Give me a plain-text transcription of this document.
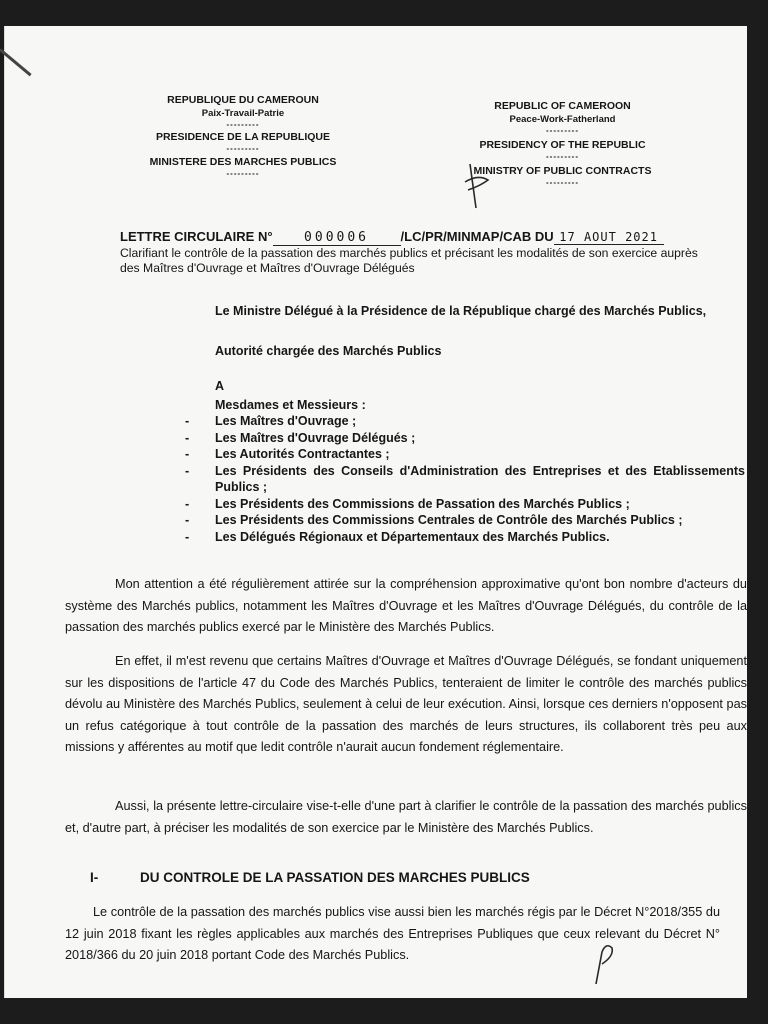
REPUBLIQUE DU CAMEROUN
Paix-Travail-Patrie
---------
PRESIDENCE DE LA REPUBLIQUE
---------
MINISTERE DES MARCHES PUBLICS
---------
REPUBLIC OF CAMEROON
Peace-Work-Fatherland
---------
PRESIDENCY OF THE REPUBLIC
---------
MINISTRY OF PUBLIC CONTRACTS
---------
LETTRE CIRCULAIRE N° 000006 /LC/PR/MINMAP/CAB DU 17 AOUT 2021
Clarifiant le contrôle de la passation des marchés publics et précisant les modalités de son exercice auprès des Maîtres d'Ouvrage et Maîtres d'Ouvrage Délégués
Le Ministre Délégué à la Présidence de la République chargé des Marchés Publics,
Autorité chargée des Marchés Publics
A
Mesdames et Messieurs :
- Les Maîtres d'Ouvrage ;
- Les Maîtres d'Ouvrage Délégués ;
- Les Autorités Contractantes ;
- Les Présidents des Conseils d'Administration des Entreprises et des Etablissements Publics ;
- Les Présidents des Commissions de Passation des Marchés Publics ;
- Les Présidents des Commissions Centrales de Contrôle des Marchés Publics ;
- Les Délégués Régionaux et Départementaux des Marchés Publics.

Mon attention a été régulièrement attirée sur la compréhension approximative qu'ont bon nombre d'acteurs du système des Marchés publics, notamment les Maîtres d'Ouvrage et les Maîtres d'Ouvrage Délégués, du contrôle de la passation des marchés publics exercé par le Ministère des Marchés Publics.

En effet, il m'est revenu que certains Maîtres d'Ouvrage et Maîtres d'Ouvrage Délégués, se fondant uniquement sur les dispositions de l'article 47 du Code des Marchés Publics, tenteraient de limiter le contrôle des marchés publics dévolu au Ministère des Marchés Publics, seulement à celui de leur exécution. Ainsi, lorsque ces derniers n'opposent pas un refus catégorique à tout contrôle de la passation des marchés de leurs structures, ils collaborent très peu aux missions y afférentes au motif que ledit contrôle n'aurait aucun fondement réglementaire.

Aussi, la présente lettre-circulaire vise-t-elle d'une part à clarifier le contrôle de la passation des marchés publics et, d'autre part, à préciser les modalités de son exercice par le Ministère des Marchés Publics.

I-	DU CONTROLE DE LA PASSATION DES MARCHES PUBLICS

Le contrôle de la passation des marchés publics vise aussi bien les marchés régis par le Décret N°2018/355 du 12 juin 2018 fixant les règles applicables aux marchés des Entreprises Publiques que ceux relevant du Décret N° 2018/366 du 20 juin 2018 portant Code des Marchés Publics.
